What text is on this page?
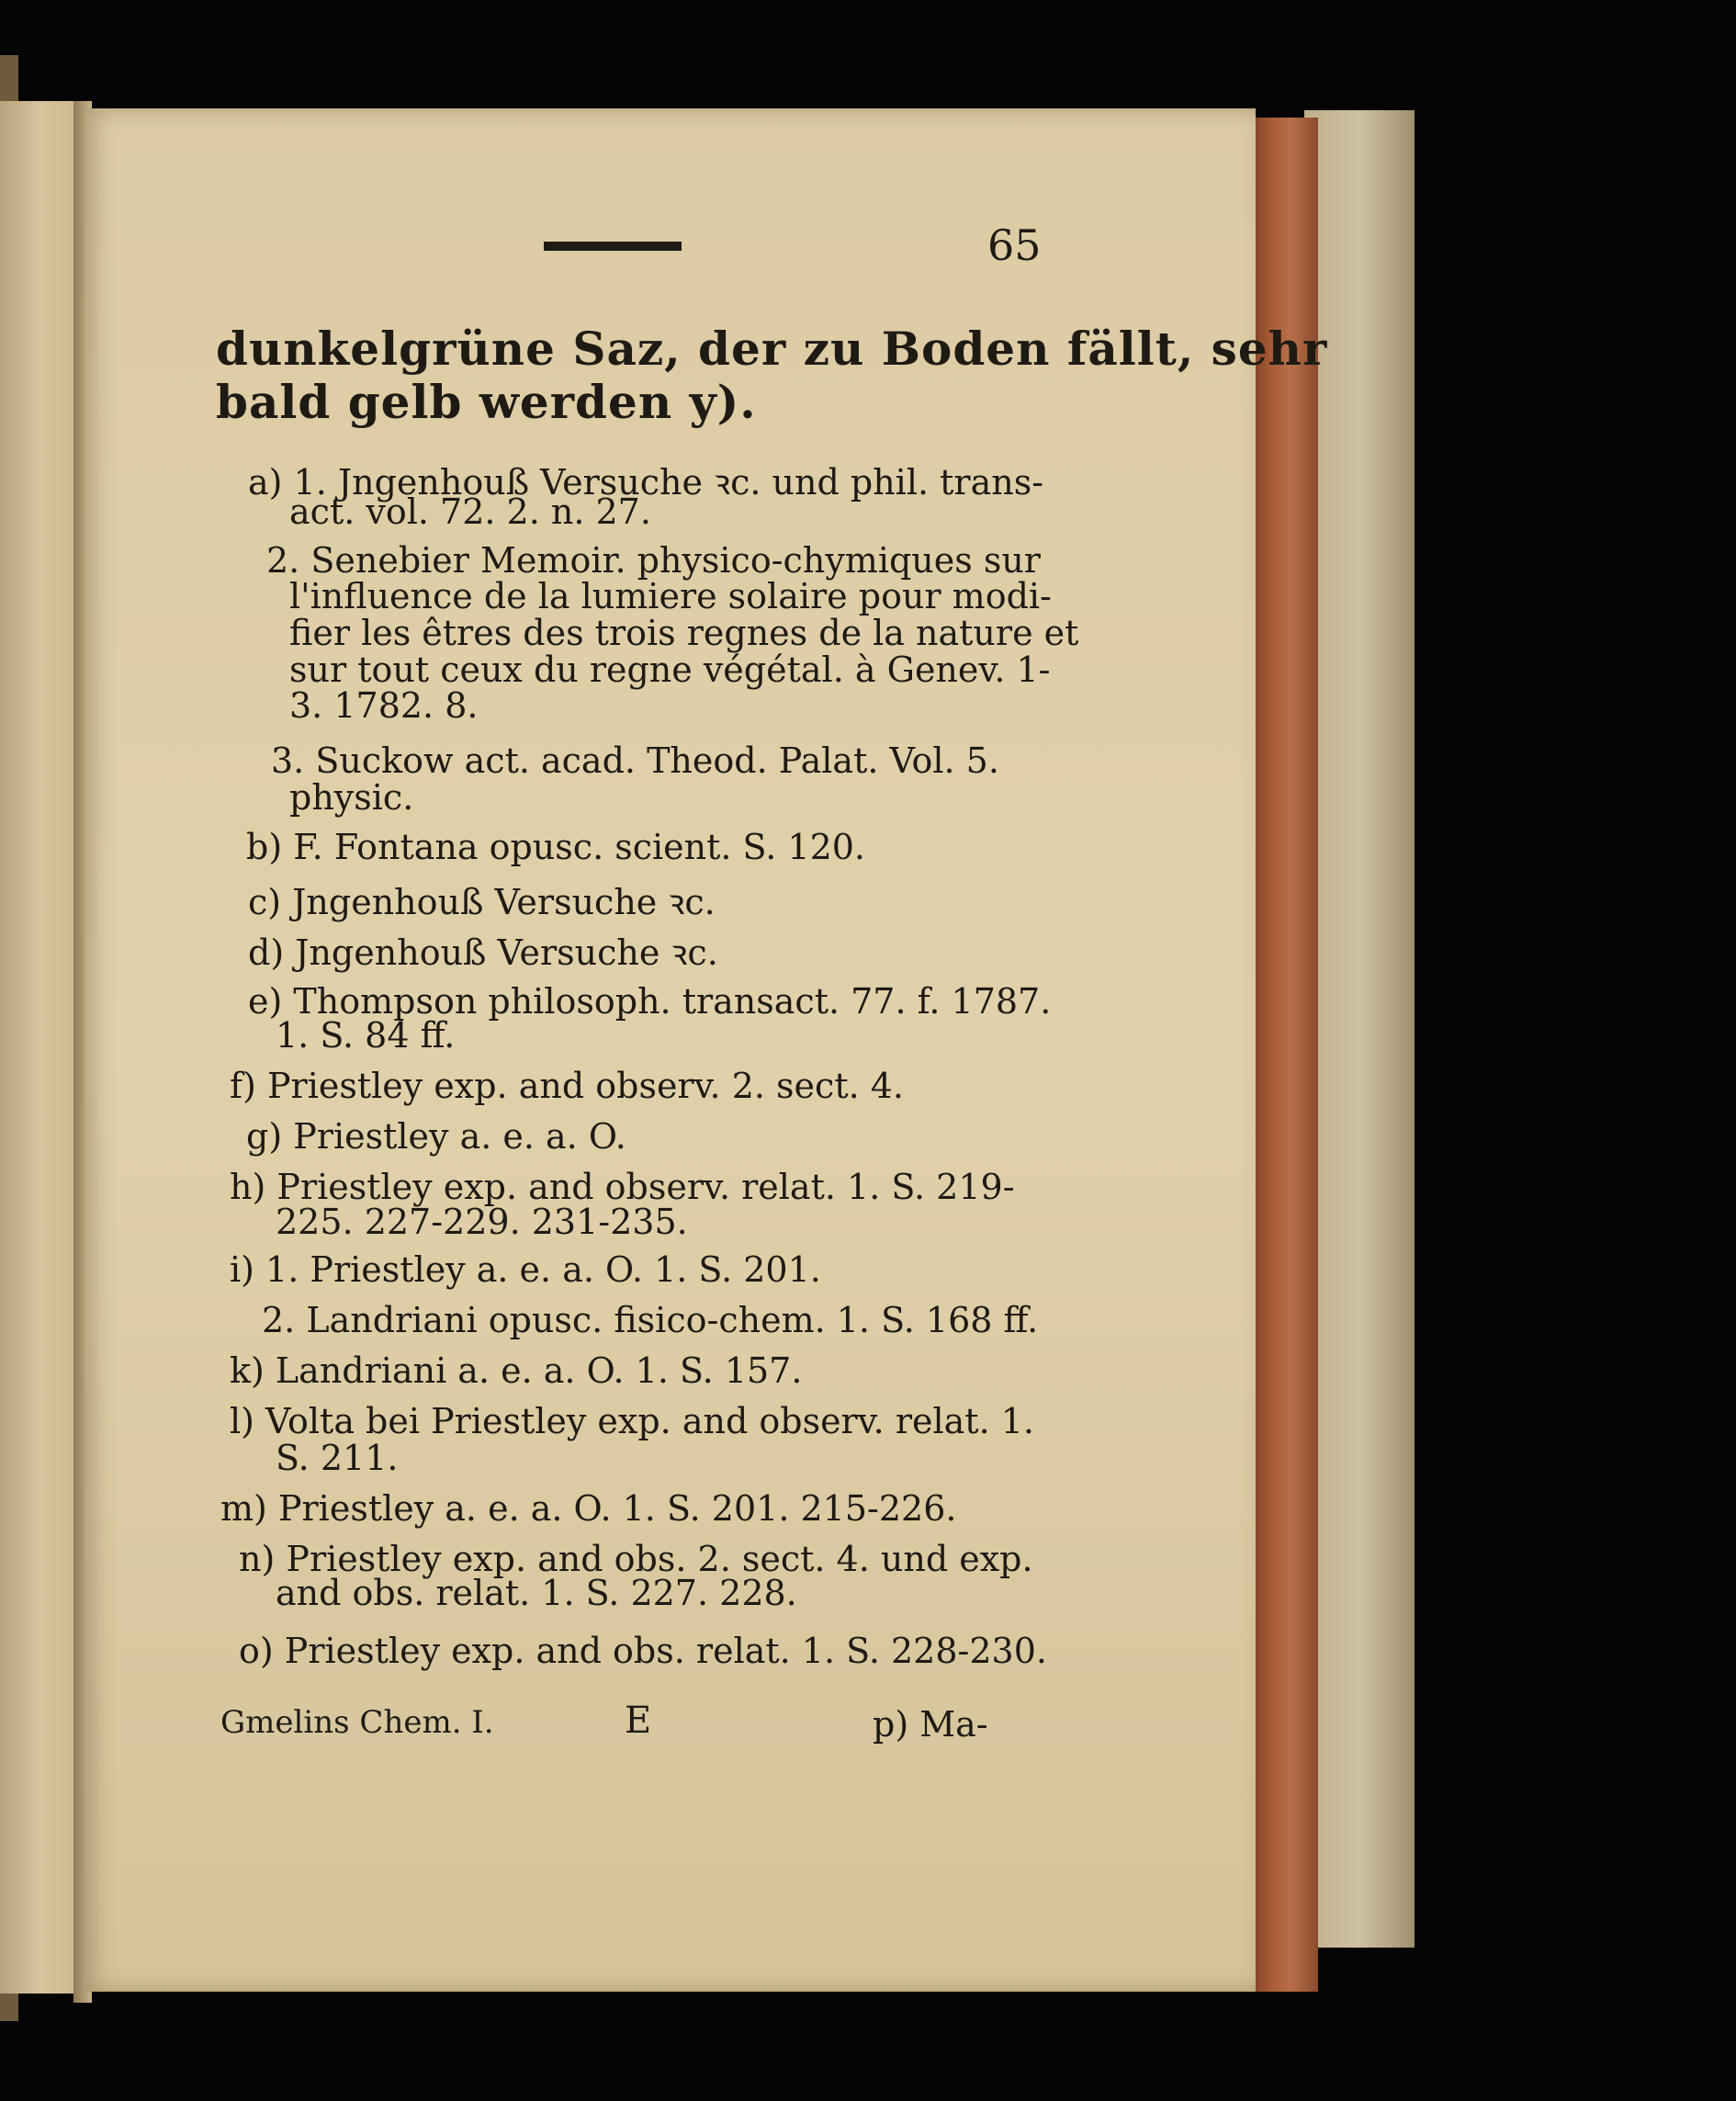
65
dunkelgrüne Saz, der zu Boden fällt, sehr
bald gelb werden y).
a) 1. Jngenhouß Versuche ꝛc. und phil. trans-
act. vol. 72. 2. n. 27.
2. Senebier Memoir. physico-chymiques sur
l'influence de la lumiere solaire pour modi-
fier les êtres des trois regnes de la nature et
sur tout ceux du regne végétal. à Genev. 1-
3. 1782. 8.
3. Suckow act. acad. Theod. Palat. Vol. 5.
physic.
b) F. Fontana opusc. scient. S. 120.
c) Jngenhouß Versuche ꝛc.
d) Jngenhouß Versuche ꝛc.
e) Thompson philosoph. transact. 77. f. 1787.
1. S. 84 ff.
f) Priestley exp. and observ. 2. sect. 4.
g) Priestley a. e. a. O.
h) Priestley exp. and observ. relat. 1. S. 219-
225. 227-229. 231-235.
i) 1. Priestley a. e. a. O. 1. S. 201.
2. Landriani opusc. fisico-chem. 1. S. 168 ff.
k) Landriani a. e. a. O. 1. S. 157.
l) Volta bei Priestley exp. and observ. relat. 1.
S. 211.
m) Priestley a. e. a. O. 1. S. 201. 215-226.
n) Priestley exp. and obs. 2. sect. 4. und exp.
and obs. relat. 1. S. 227. 228.
o) Priestley exp. and obs. relat. 1. S. 228-230.
Gmelins Chem. I.	E	p) Ma-
